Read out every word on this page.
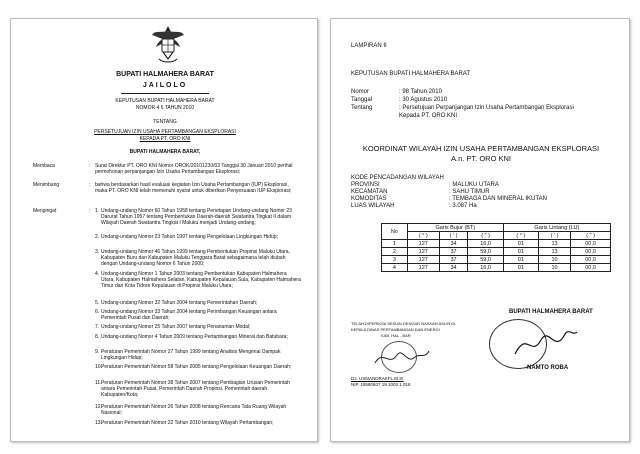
BUPATI HALMAHERA BARAT
JAILOLO
KEPUTUSAN BUPATI HALMAHERA BARAT
NOMOR 4 5 TAHUN 2010
TENTANG
PERSETUJUAN IZIN USAHA PERTAMBANGAN EKSPLORASI
KEPADA PT. ORO KNI
BUPATI HALMAHERA BARAT,
Membaca	: Surat Direktur PT. ORO KNI Nomor OROK/20101230/03 Tanggal 30 Januari 2010 perihal permohonan perpanjangan Izin Usaha Pertambangan Eksplorasi;
Menimbang	: bahwa berdasarkan hasil evaluasi kegiatan Izin Usaha Pertambangan (IUP) Eksplorasi, maka PT. ORO KNI telah memenuhi syarat untuk diberikan Penyesuaian IUP Eksplorasi;
Mengingat	: 1. Undang-undang Nomor 60 Tahun 1958 tentang Penetapan Undang-undang Nomor 23 Darurat Tahun 1957 tentang Pembentukan Daerah-daerah Swatantra Tingkat II dalam Wilayah Daerah Swatantra Tingkat I Maluku menjadi Undang-undang;
2. Undang-undang Nomor 23 Tahun 1997 tentang Pengelolaan Lingkungan Hidup;
3. Undang-undang Nomor 46 Tahun 1999 tentang Pembentukan Propinsi Maluku Utara, Kabupaten Buru dan Kabupaten Maluku Tenggara Barat sebagaimana telah diubah dengan Undang-undang Nomor 6 Tahun 2000;
4. Undang-undang Nomor 1 Tahun 2003 tentang Pembentukan Kabupaten Halmahera Utara, Kabupaten Halmahera Selatan, Kabupaten Kepulauan Sula, Kabupaten Halmahera Timur dan Kota Tidore Kepulauan di Propinsi Maluku Utara;
5. Undang-undang Nomor 32 Tahun 2004 tentang Pemerintahan Daerah;
6. Undang-undang Nomor 33 Tahun 2004 tentang Perimbangan Keuangan antara Pemerintah Pusat dan Daerah;
7. Undang-undang Nomor 25 Tahun 2007 tentang Penanaman Modal;
8. Undang-undang Nomor 4 Tahun 2009 tentang Pertambangan Mineral dan Batubara;
9. Peraturan Pemerintah Nomor 27 Tahun 1999 tentang Analisis Mengenai Dampak Lingkungan Hidup;
10. Peraturan Pemerintah Nomor 58 Tahun 2005 tentang Pengelolaan Keuangan Daerah;
11. Peraturan Pemerintah Nomor 38 Tahun 2007 tentang Pembagian Urusan Pemerintah antara Pemerintah Pusat, Pemerintah Daerah Propinsi, Pemerintah daerah Kabupaten/Kota;
12. Peraturan Pemerintah Nomor 26 Tahun 2008 tentang Rencana Tata Ruang Wilayah Nasional;
13. Peraturan Pemerintah Nomor 22 Tahun 2010 tentang Wilayah Pertambangan;
LAMPIRAN II
KEPUTUSAN BUPATI HALMAHERA BARAT
Nomor	: 98 Tahun 2010
Tanggal	: 30 Agustus 2010
Tentang	: Persetujuan Perpanjangan Izin Usaha Pertambangan Eksplorasi
Kepada PT. ORO KNI
KOORDINAT WILAYAH IZIN USAHA PERTAMBANGAN EKSPLORASI
A.n. PT. ORO KNI
KODE PENCADANGAN WILAYAH
PROVINSI	: MALUKU UTARA
KECAMATAN	: SAHU TIMUR
KOMODITAS	: TEMBAGA DAN MINERAL IKUTAN
LUAS WILAYAH	: 3.087 Ha
No	Garis Bujur (BT)			Garis Lintang (LU)		
	( ° )	( ' )	( " )	( ° )	( ' )	( " )
1	127	34	16,0	01	13	00,0
2	127	37	59,0	01	13	00,0
3	127	37	59,0	01	10	00,0
4	127	34	16,0	01	10	00,0
TELAH DIPERIKSA SESUAI DENGAN NASKAH ASLINYA
KEPALA DINAS PERTAMBANGAN DAN ENERGI
KAB. HAL - BAR
DJ. USMANDRAKFL.M.SI
NIP. 19580607 19 1003 1 018
BUPATI HALMAHERA BARAT
NAMTO ROBA
